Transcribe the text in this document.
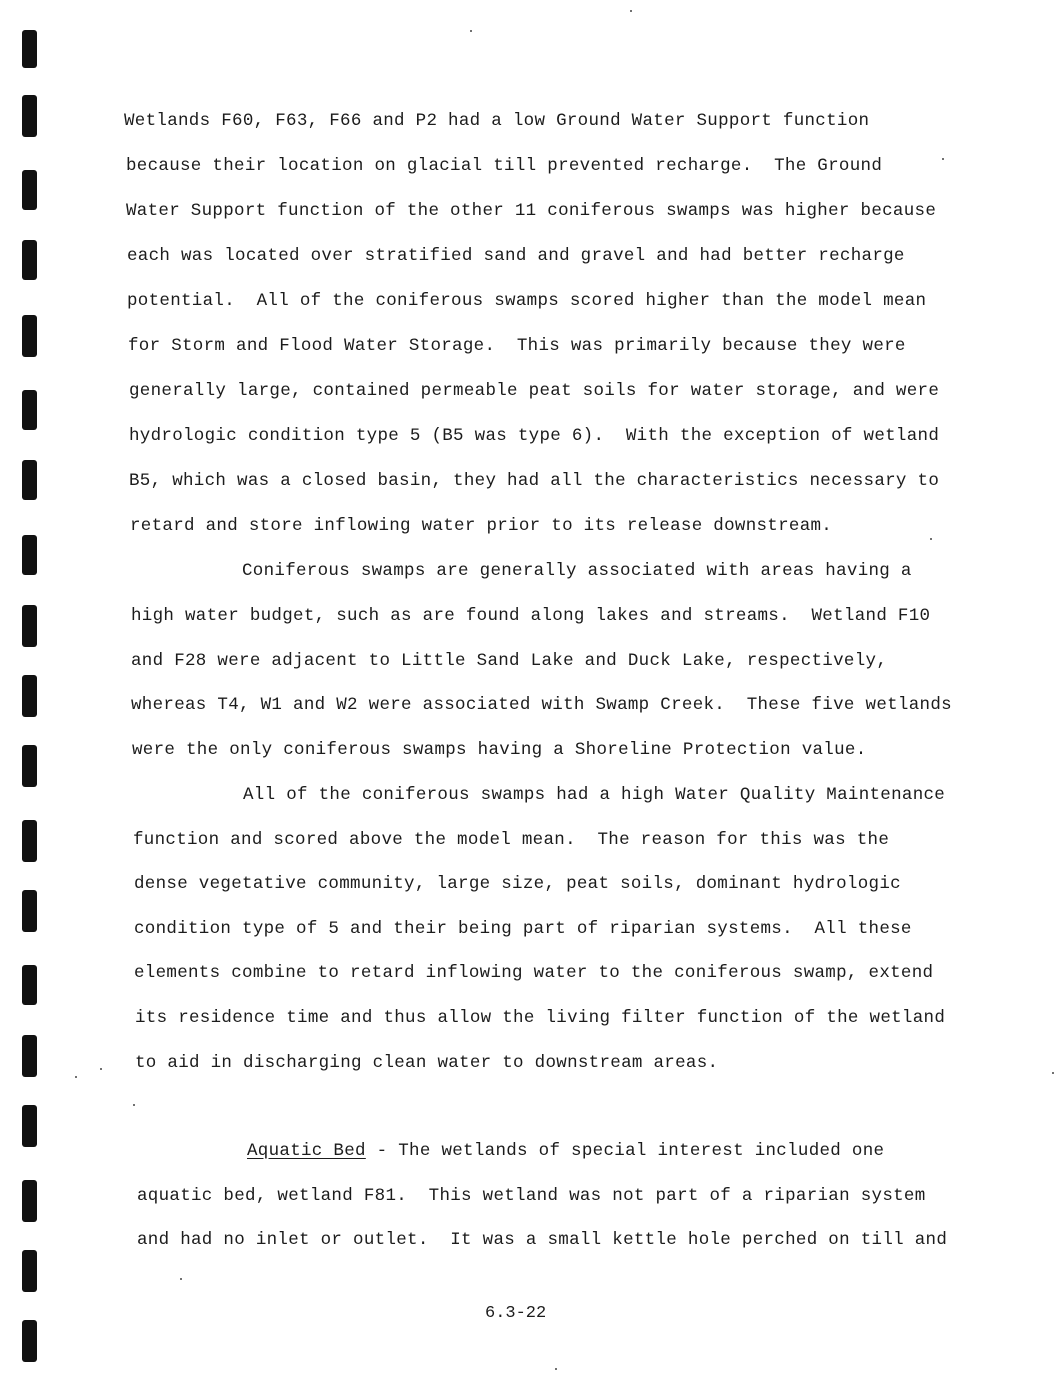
Wetlands F60, F63, F66 and P2 had a low Ground Water Support function
because their location on glacial till prevented recharge.  The Ground
Water Support function of the other 11 coniferous swamps was higher because
each was located over stratified sand and gravel and had better recharge
potential.  All of the coniferous swamps scored higher than the model mean
for Storm and Flood Water Storage.  This was primarily because they were
generally large, contained permeable peat soils for water storage, and were
hydrologic condition type 5 (B5 was type 6).  With the exception of wetland
B5, which was a closed basin, they had all the characteristics necessary to
retard and store inflowing water prior to its release downstream.
Coniferous swamps are generally associated with areas having a
high water budget, such as are found along lakes and streams.  Wetland F10
and F28 were adjacent to Little Sand Lake and Duck Lake, respectively,
whereas T4, W1 and W2 were associated with Swamp Creek.  These five wetlands
were the only coniferous swamps having a Shoreline Protection value.
All of the coniferous swamps had a high Water Quality Maintenance
function and scored above the model mean.  The reason for this was the
dense vegetative community, large size, peat soils, dominant hydrologic
condition type of 5 and their being part of riparian systems.  All these
elements combine to retard inflowing water to the coniferous swamp, extend
its residence time and thus allow the living filter function of the wetland
to aid in discharging clean water to downstream areas.
Aquatic Bed - The wetlands of special interest included one
aquatic bed, wetland F81.  This wetland was not part of a riparian system
and had no inlet or outlet.  It was a small kettle hole perched on till and
6.3-22
